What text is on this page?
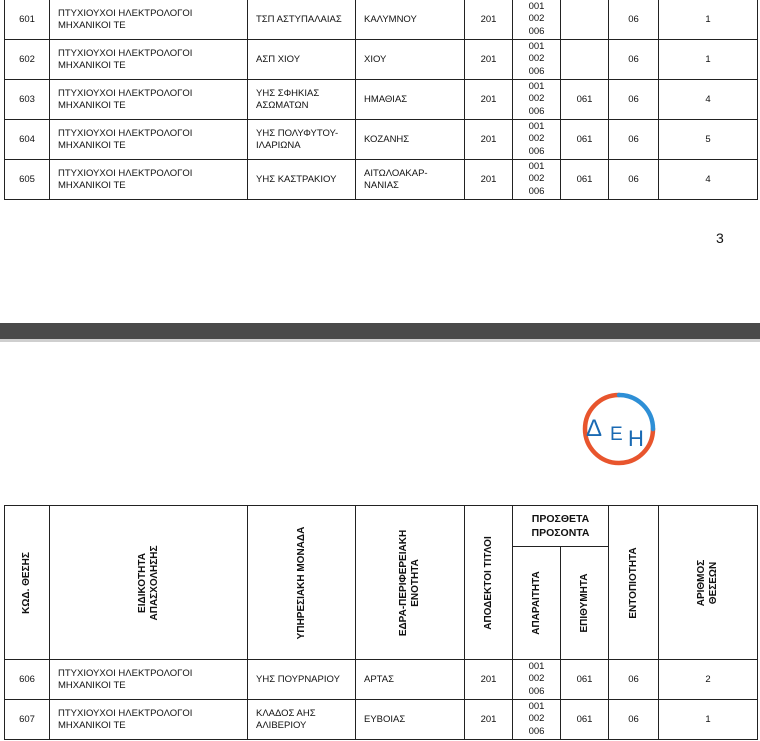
601	ΠΤΥΧΙΟΥΧΟΙ ΗΛΕΚΤΡΟΛΟΓΟΙ
ΜΗΧΑΝΙΚΟΙ ΤΕ	ΤΣΠ ΑΣΤΥΠΑΛΑΙΑΣ	ΚΑΛΥΜΝΟΥ	201	001
002
006		06	1
602	ΠΤΥΧΙΟΥΧΟΙ ΗΛΕΚΤΡΟΛΟΓΟΙ
ΜΗΧΑΝΙΚΟΙ ΤΕ	ΑΣΠ ΧΙΟΥ	ΧΙΟΥ	201	001
002
006		06	1
603	ΠΤΥΧΙΟΥΧΟΙ ΗΛΕΚΤΡΟΛΟΓΟΙ
ΜΗΧΑΝΙΚΟΙ ΤΕ	ΥΗΣ ΣΦΗΚΙΑΣ
ΑΣΩΜΑΤΩΝ	ΗΜΑΘΙΑΣ	201	001
002
006	061	06	4
604	ΠΤΥΧΙΟΥΧΟΙ ΗΛΕΚΤΡΟΛΟΓΟΙ
ΜΗΧΑΝΙΚΟΙ ΤΕ	ΥΗΣ ΠΟΛΥΦΥΤΟΥ-
ΙΛΑΡΙΩΝΑ	ΚΟΖΑΝΗΣ	201	001
002
006	061	06	5
605	ΠΤΥΧΙΟΥΧΟΙ ΗΛΕΚΤΡΟΛΟΓΟΙ
ΜΗΧΑΝΙΚΟΙ ΤΕ	ΥΗΣ ΚΑΣΤΡΑΚΙΟΥ	ΑΙΤΩΛΟΑΚΑΡ-
ΝΑΝΙΑΣ	201	001
002
006	061	06	4
3
Δ Ε Η
ΚΩΔ. ΘΕΣΗΣ	ΕΙΔΙΚΟΤΗΤΑ
ΑΠΑΣΧΟΛΗΣΗΣ	ΥΠΗΡΕΣΙΑΚΗ ΜΟΝΑΔΑ	ΕΔΡΑ-ΠΕΡΙΦΕΡΕΙΑΚΗ
ΕΝΟΤΗΤΑ	ΑΠΟΔΕΚΤΟΙ ΤΙΤΛΟΙ	ΠΡΟΣΘΕΤΑ
ΠΡΟΣΟΝΤΑ		ΕΝΤΟΠΙΟΤΗΤΑ	ΑΡΙΘΜΟΣ
ΘΕΣΕΩΝ

					ΑΠΑΡΑΙΤΗΤΑ	ΕΠΙΘΥΜΗΤΑ		

606	ΠΤΥΧΙΟΥΧΟΙ ΗΛΕΚΤΡΟΛΟΓΟΙ
ΜΗΧΑΝΙΚΟΙ ΤΕ	ΥΗΣ ΠΟΥΡΝΑΡΙΟΥ	ΑΡΤΑΣ	201	001
002
006	061	06	2
607	ΠΤΥΧΙΟΥΧΟΙ ΗΛΕΚΤΡΟΛΟΓΟΙ
ΜΗΧΑΝΙΚΟΙ ΤΕ	ΚΛΑΔΟΣ ΑΗΣ
ΑΛΙΒΕΡΙΟΥ	ΕΥΒΟΙΑΣ	201	001
002
006	061	06	1
